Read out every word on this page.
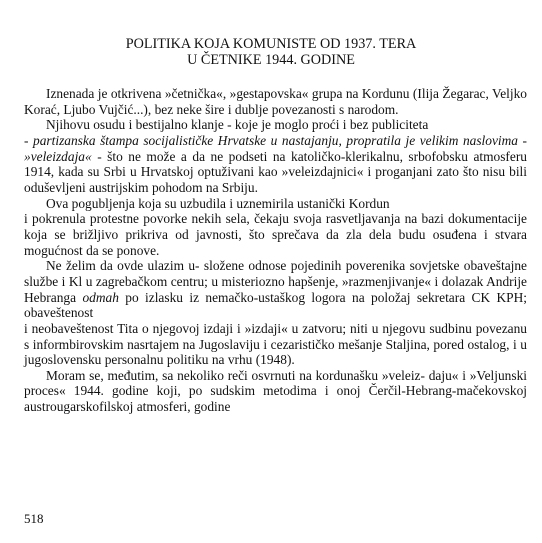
POLITIKA KOJA KOMUNISTE OD 1937. TERA
U ČETNIKE 1944. GODINE

Iznenada je otkrivena »četnička«, »gestapovska« grupa na Kordunu (Ilija Žegarac, Veljko Korać, Ljubo Vujčić...), bez neke šire i dublje povezanosti s narodom.

Njihovu osudu i bestijalno klanje - koje je moglo proći i bez publiciteta

- partizanska štampa socijalističke Hrvatske u nastajanju, propratila je velikim naslovima - »veleizdaja« - što ne može a da ne podseti na katoličko-klerikalnu, srbofobsku atmosferu 1914, kada su Srbi u Hrvatskoj optuživani kao »veleizdajnici« i proganjani zato što nisu bili oduševljeni austrijskim pohodom na Srbiju.

Ova pogubljenja koja su uzbudila i uznemirila ustanički Kordun

i pokrenula protestne povorke nekih sela, čekaju svoja rasvetljavanja na bazi dokumentacije koja se brižljivo prikriva od javnosti, što sprečava da zla dela budu osuđena i stvara mogućnost da se ponove.

Ne želim da ovde ulazim u- složene odnose pojedinih poverenika sovjetske obaveštajne službe i Kl u zagrebačkom centru; u misteriozno hapšenje, »razmenjivanje« i dolazak Andrije Hebranga odmah po izlasku iz nemačko-ustaškog logora na položaj sekretara CK KPH; obaveštenost

i neobaveštenost Tita o njegovoj izdaji i »izdaji« u zatvoru; niti u njegovu sudbinu povezanu s informbirovskim nasrtajem na Jugoslaviju i cezarističko mešanje Staljina, pored ostalog, i u jugoslovensku personalnu politiku na vrhu (1948).

Moram se, međutim, sa nekoliko reči osvrnuti na kordunašku »veleiz- daju« i »Veljunski proces« 1944. godine koji, po sudskim metodima i onoj Čerčil-Hebrang-mačekovskoj austrougarskofilskoj atmosferi, godine

518
